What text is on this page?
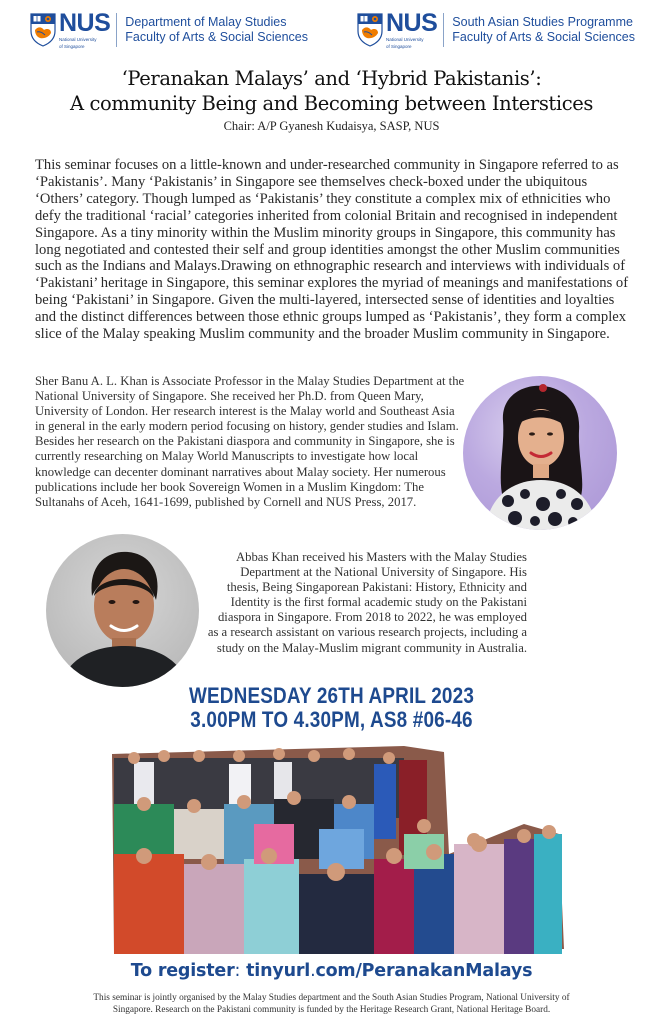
NUS
National University
of Singapore
Department of Malay Studies
Faculty of Arts & Social Sciences	NUS
National University
of Singapore
South Asian Studies Programme
Faculty of Arts & Social Sciences
‘Peranakan Malays’ and ‘Hybrid Pakistanis’:
A community Being and Becoming between Interstices
Chair: A/P Gyanesh Kudaisya, SASP, NUS

This seminar focuses on a little-known and under-researched community in Singapore referred to as ‘Pakistanis’. Many ‘Pakistanis’ in Singapore see themselves check-boxed under the ubiquitous ‘Others’ category. Though lumped as ‘Pakistanis’ they constitute a complex mix of ethnicities who defy the traditional ‘racial’ categories inherited from colonial Britain and recognised in independent Singapore. As a tiny minority within the Muslim minority groups in Singapore, this community has long negotiated and contested their self and group identities amongst the other Muslim communities such as the Indians and Malays.Drawing on ethnographic research and interviews with individuals of ‘Pakistani’ heritage in Singapore, this seminar explores the myriad of meanings and manifestations of being ‘Pakistani’ in Singapore. Given the multi-layered, intersected sense of identities and loyalties and the distinct differences between those ethnic groups lumped as ‘Pakistanis’, they form a complex slice of the Malay speaking Muslim community and the broader Muslim community in Singapore.

Sher Banu A. L. Khan is Associate Professor in the Malay Studies Department at the National University of Singapore. She received her Ph.D. from Queen Mary, University of London. Her research interest is the Malay world and Southeast Asia in general in the early modern period focusing on history, gender studies and Islam. Besides her research on the Pakistani diaspora and community in Singapore, she is currently researching on Malay World Manuscripts to investigate how local knowledge can decenter dominant narratives about Malay society. Her numerous publications include her book Sovereign Women in a Muslim Kingdom: The Sultanahs of Aceh, 1641-1699, published by Cornell and NUS Press, 2017.

Abbas Khan received his Masters with the Malay Studies Department at the National University of Singapore. His thesis, Being Singaporean Pakistani: History, Ethnicity and Identity is the first formal academic study on the Pakistani diaspora in Singapore. From 2018 to 2022, he was employed as a research assistant on various research projects, including a study on the Malay-Muslim migrant community in Australia.

WEDNESDAY 26TH APRIL 2023
3.00PM TO 4.30PM, AS8 #06-46
To register: tinyurl.com/PeranakanMalays
This seminar is jointly organised by the Malay Studies department and the South Asian Studies Program, National University of
Singapore. Research on the Pakistani community is funded by the Heritage Research Grant, National Heritage Board.
